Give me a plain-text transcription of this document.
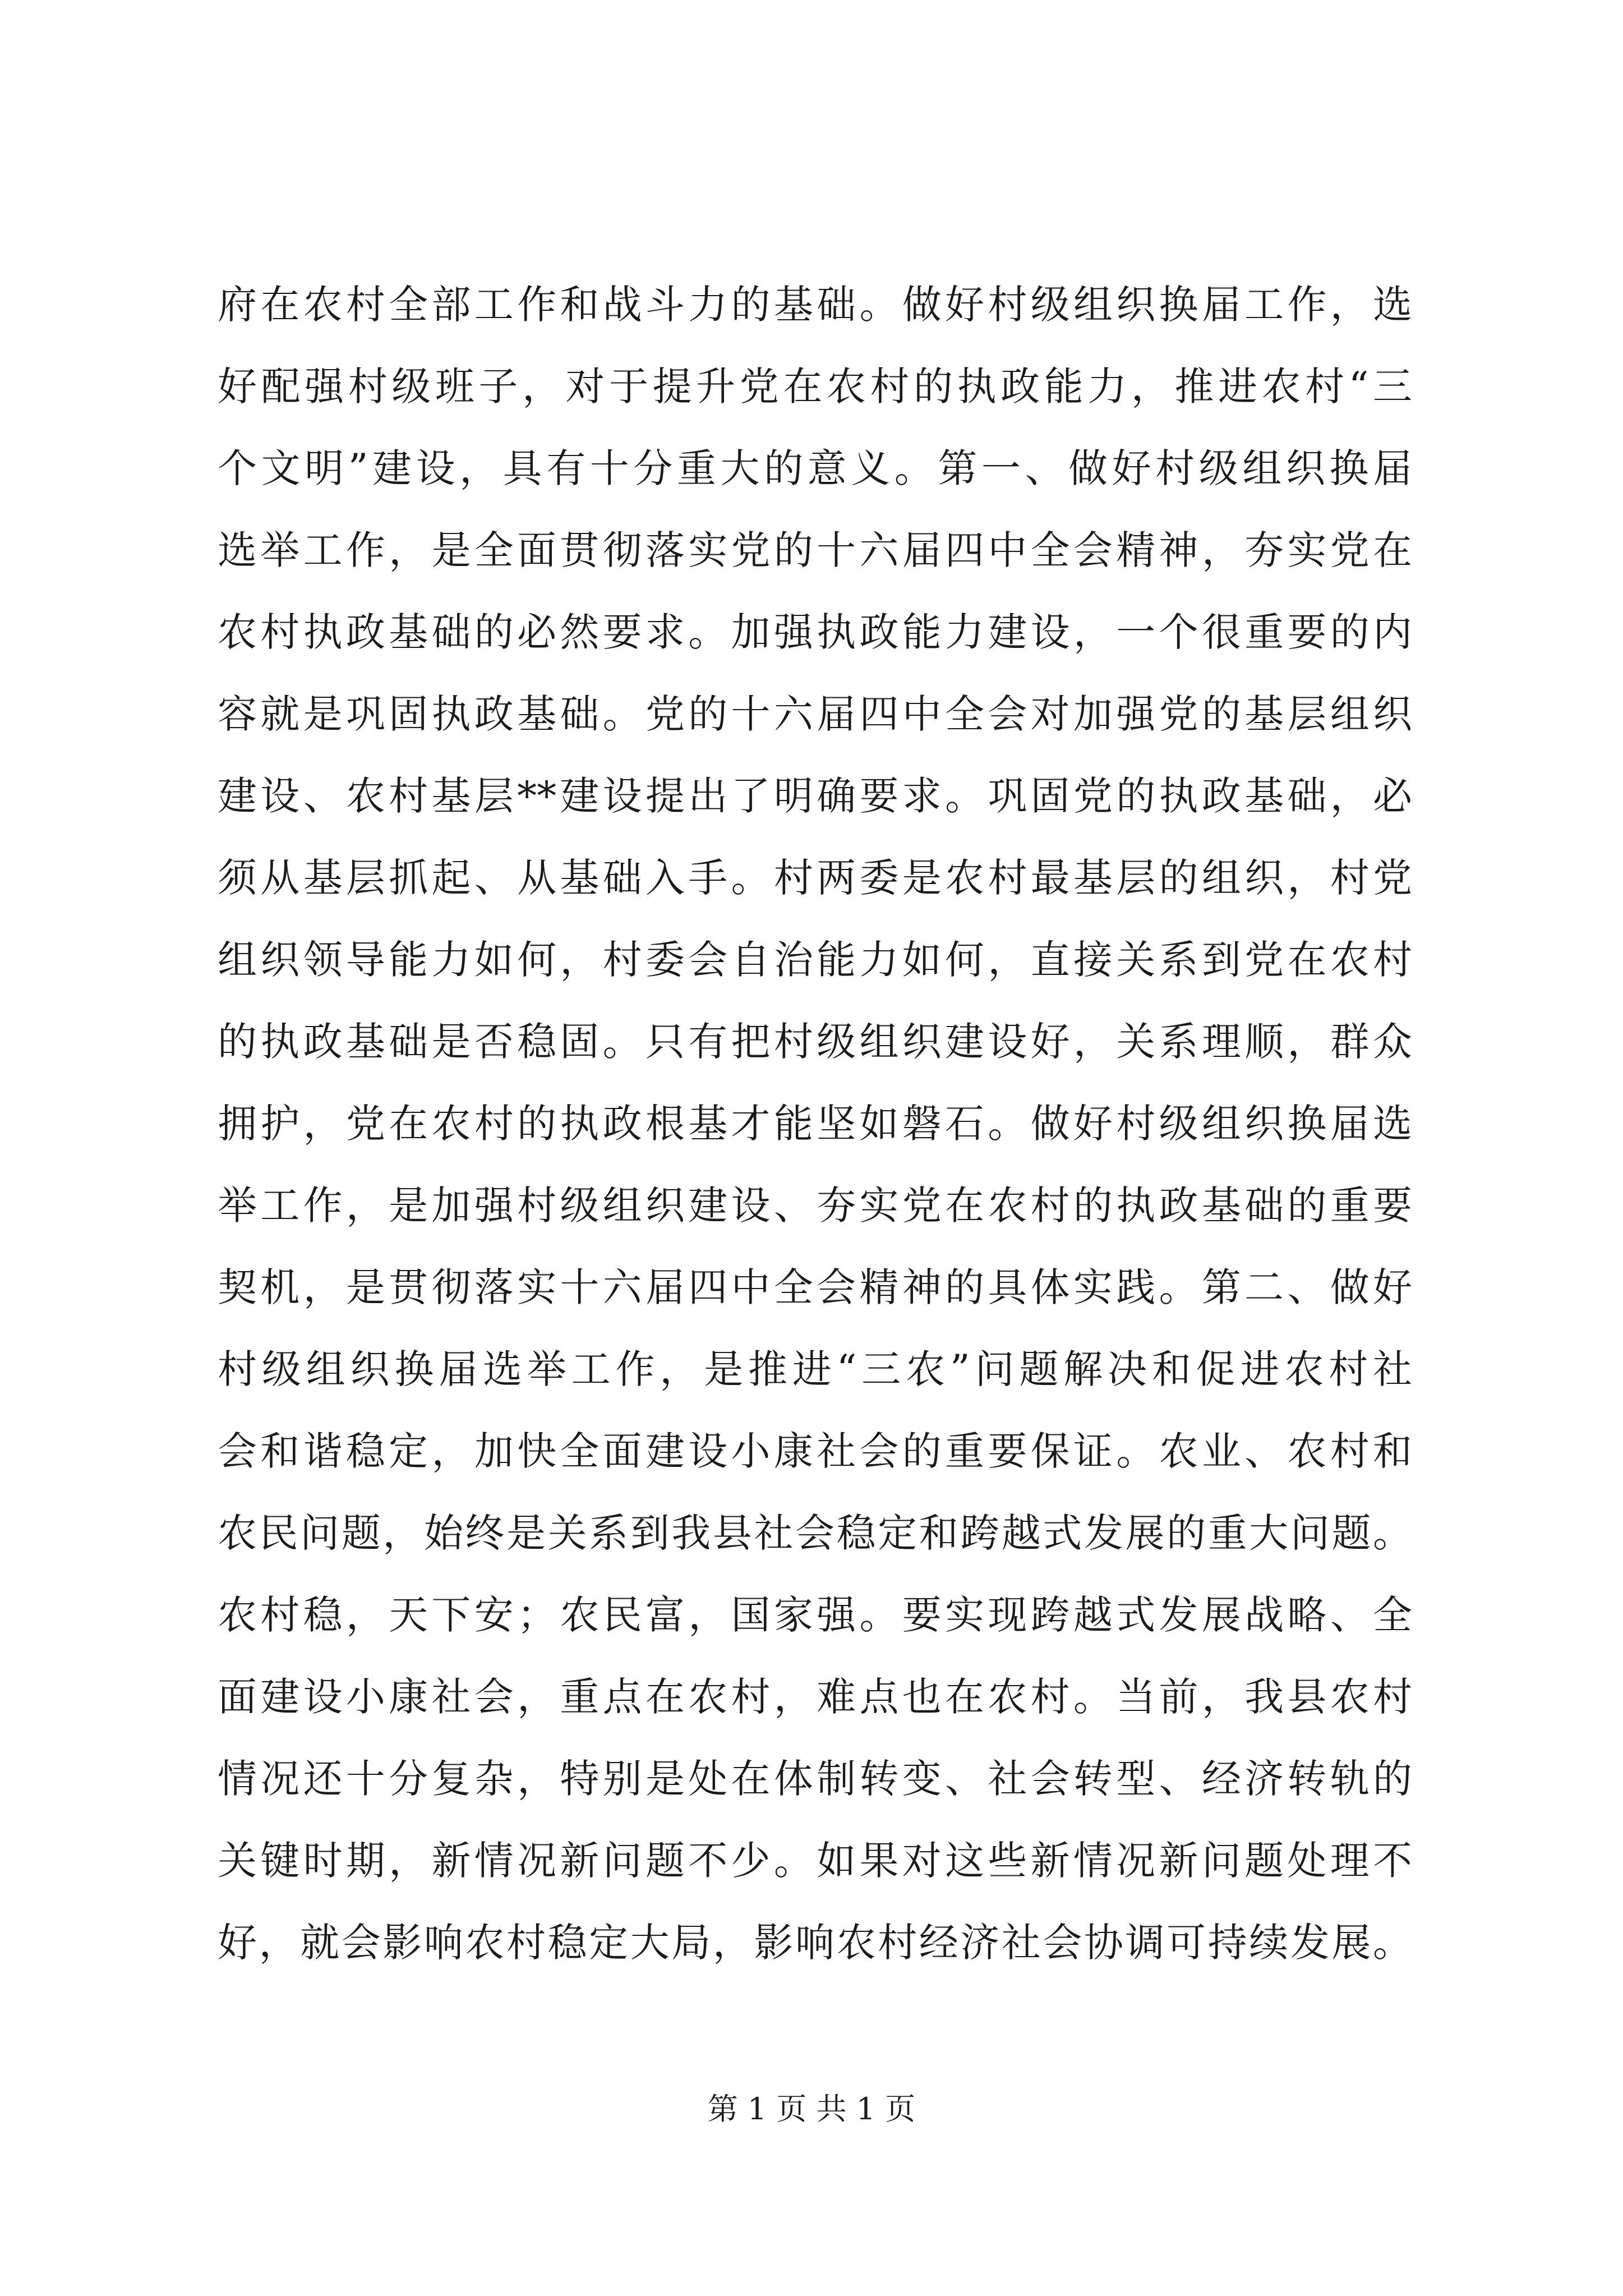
府在农村全部工作和战斗力的基础。做好村级组织换届工作，选
好配强村级班子，对于提升党在农村的执政能力，推进农村“三
个文明”建设，具有十分重大的意义。第一、做好村级组织换届
选举工作，是全面贯彻落实党的十六届四中全会精神，夯实党在
农村执政基础的必然要求。加强执政能力建设，一个很重要的内
容就是巩固执政基础。党的十六届四中全会对加强党的基层组织
建设、农村基层**建设提出了明确要求。巩固党的执政基础，必
须从基层抓起、从基础入手。村两委是农村最基层的组织，村党
组织领导能力如何，村委会自治能力如何，直接关系到党在农村
的执政基础是否稳固。只有把村级组织建设好，关系理顺，群众
拥护，党在农村的执政根基才能坚如磐石。做好村级组织换届选
举工作，是加强村级组织建设、夯实党在农村的执政基础的重要
契机，是贯彻落实十六届四中全会精神的具体实践。第二、做好
村级组织换届选举工作，是推进“三农”问题解决和促进农村社
会和谐稳定，加快全面建设小康社会的重要保证。农业、农村和
农民问题，始终是关系到我县社会稳定和跨越式发展的重大问题。
农村稳，天下安；农民富，国家强。要实现跨越式发展战略、全
面建设小康社会，重点在农村，难点也在农村。当前，我县农村
情况还十分复杂，特别是处在体制转变、社会转型、经济转轨的
关键时期，新情况新问题不少。如果对这些新情况新问题处理不
好，就会影响农村稳定大局，影响农村经济社会协调可持续发展。
第 1 页 共 1 页
